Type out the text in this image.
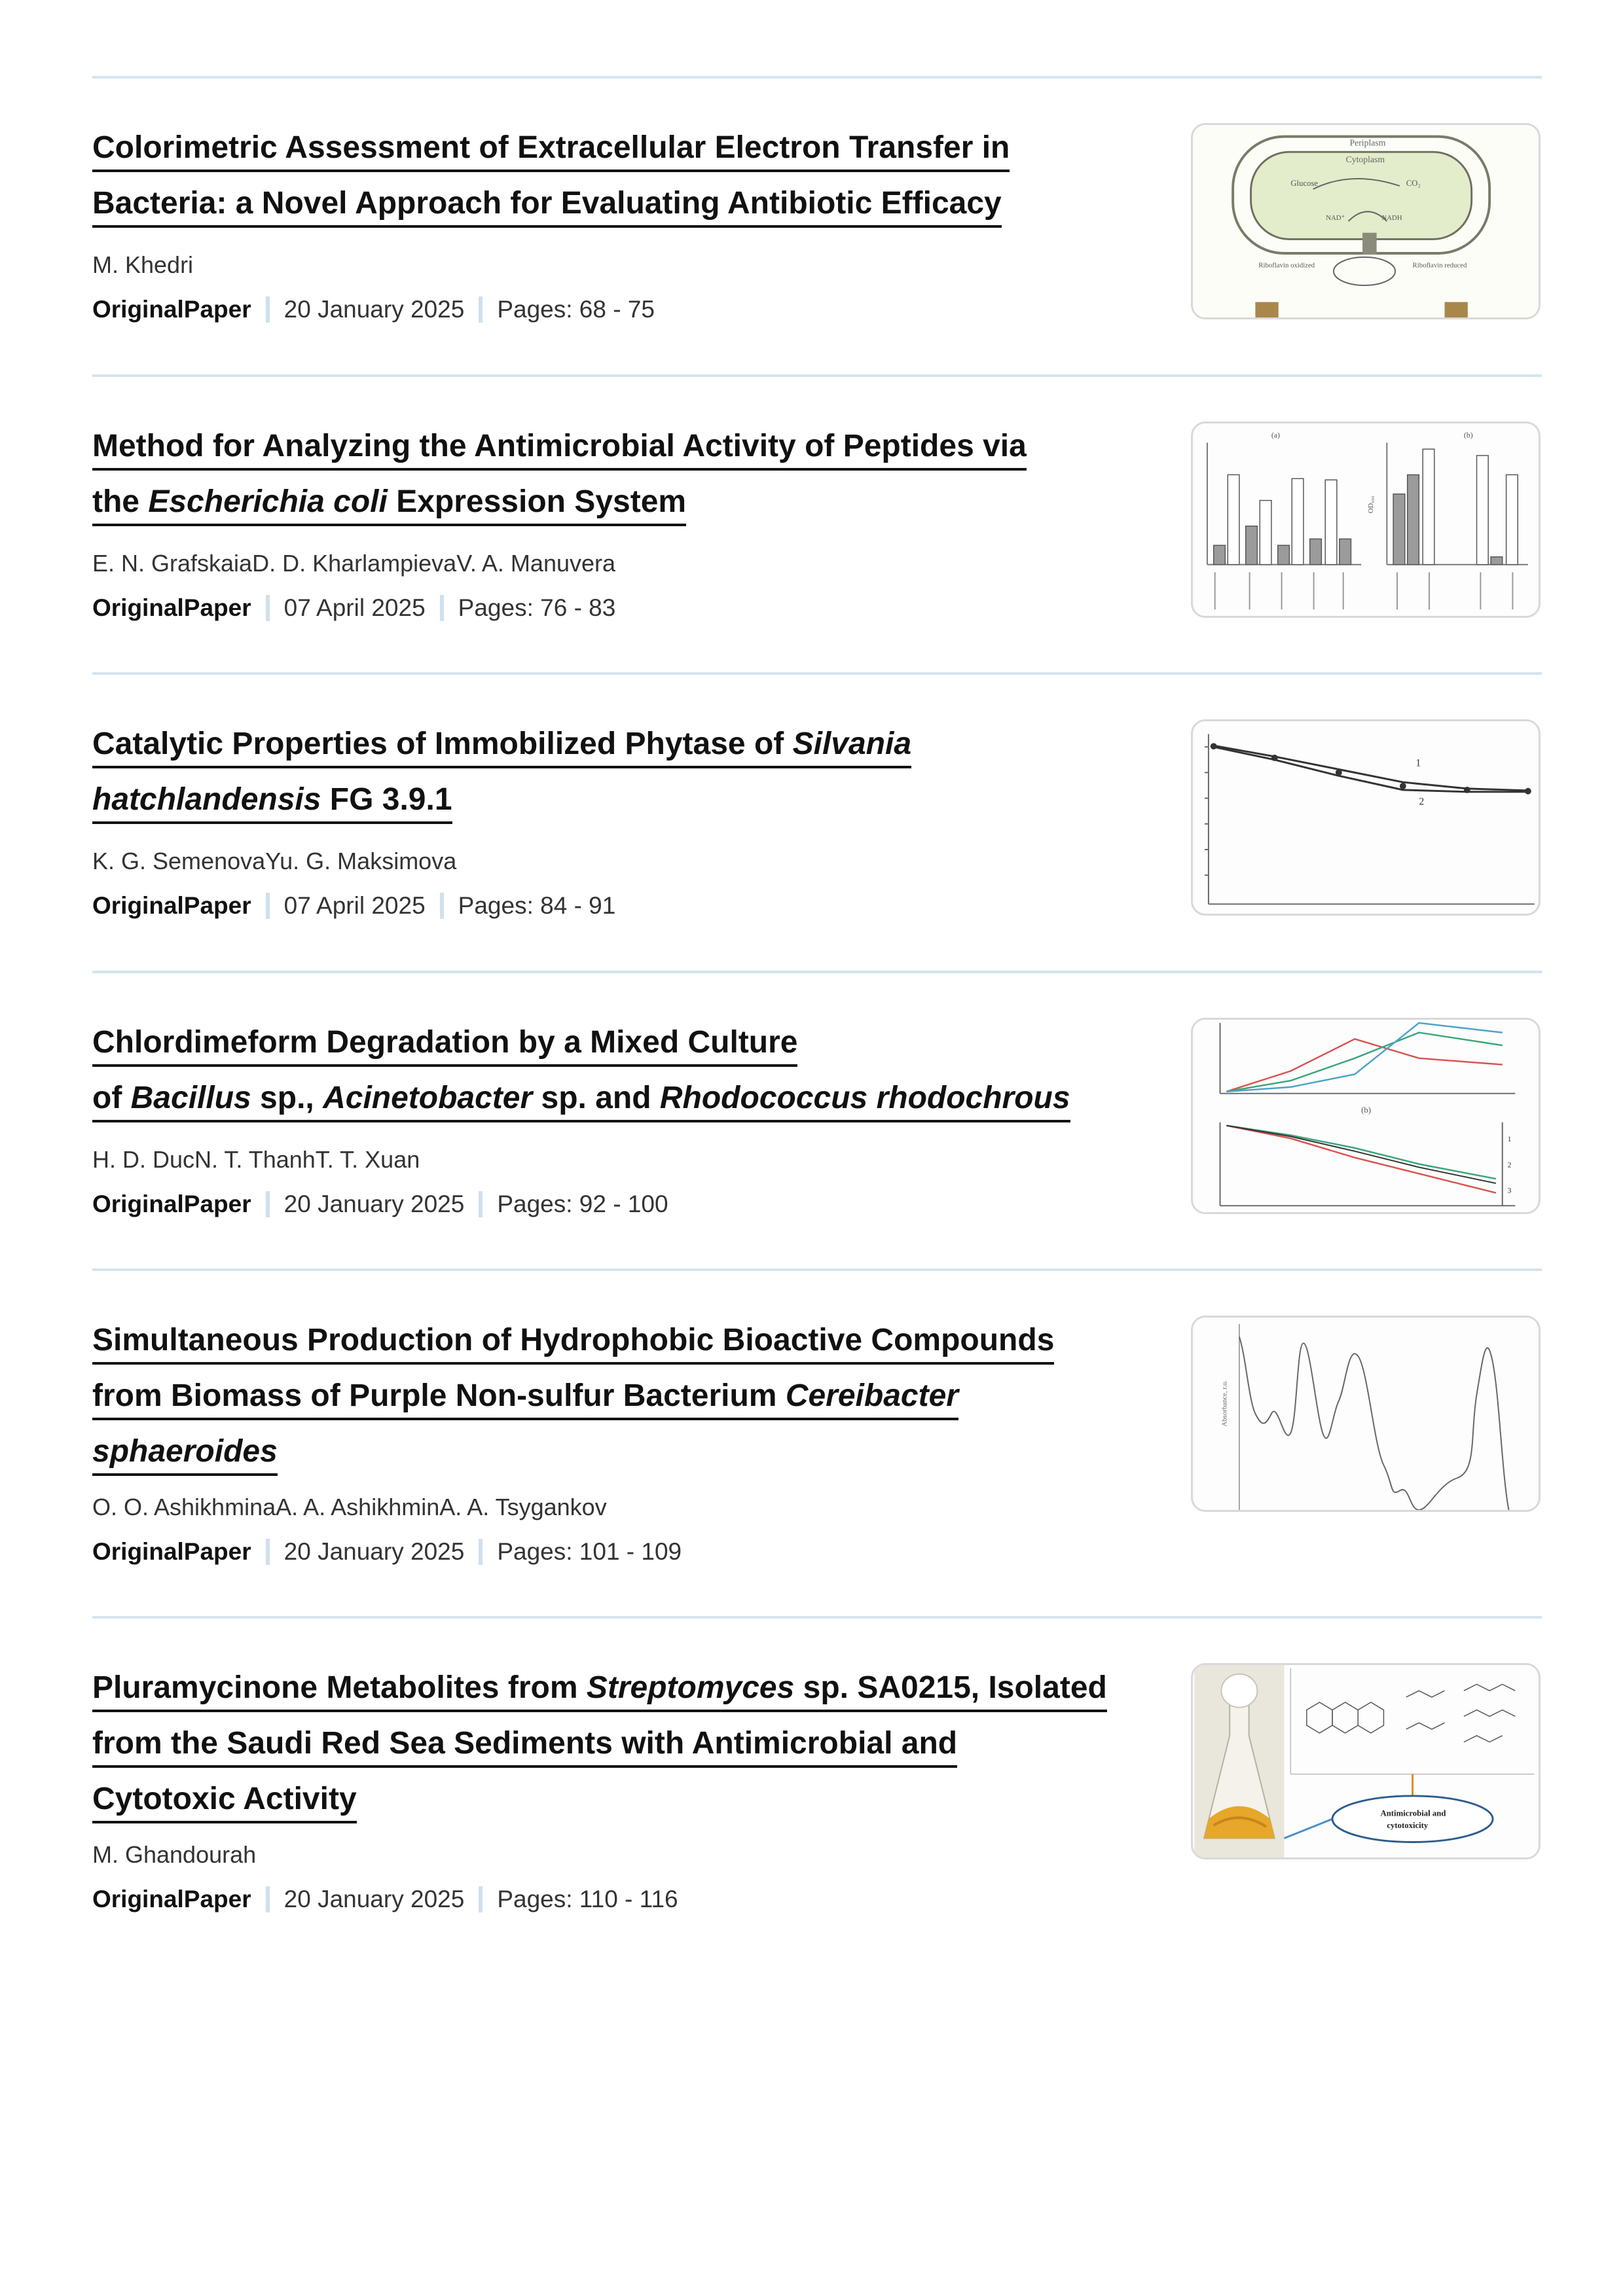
Colorimetric Assessment of Extracellular Electron Transfer in
Bacteria: a Novel Approach for Evaluating Antibiotic Efficacy
M. Khedri
OriginalPaper 20 January 2025 Pages: 68 - 75
Periplasm
Cytoplasm
Glucose	CO₂
NAD⁺	NADH
Riboflavin oxidized	Riboflavin reduced
Method for Analyzing the Antimicrobial Activity of Peptides via
the Escherichia coli Expression System
E. N. GrafskaiaD. D. KharlampievaV. A. Manuvera
OriginalPaper 07 April 2025 Pages: 76 - 83
(a)	(b)
OD₆₀₀
Catalytic Properties of Immobilized Phytase of Silvania
hatchlandensis FG 3.9.1
K. G. SemenovaYu. G. Maksimova
OriginalPaper 07 April 2025 Pages: 84 - 91
1
2
Chlordimeform Degradation by a Mixed Culture
of Bacillus sp., Acinetobacter sp. and Rhodococcus rhodochrous
H. D. DucN. T. ThanhT. T. Xuan
OriginalPaper 20 January 2025 Pages: 92 - 100
(b)
1
2
3
Simultaneous Production of Hydrophobic Bioactive Compounds
from Biomass of Purple Non-sulfur Bacterium Cereibacter
sphaeroides
O. O. AshikhminaA. A. AshikhminA. A. Tsygankov
OriginalPaper 20 January 2025 Pages: 101 - 109
Absorbance, r.u.
Pluramycinone Metabolites from Streptomyces sp. SA0215, Isolated
from the Saudi Red Sea Sediments with Antimicrobial and
Cytotoxic Activity
M. Ghandourah
OriginalPaper 20 January 2025 Pages: 110 - 116
Antimicrobial and
cytotoxicity
